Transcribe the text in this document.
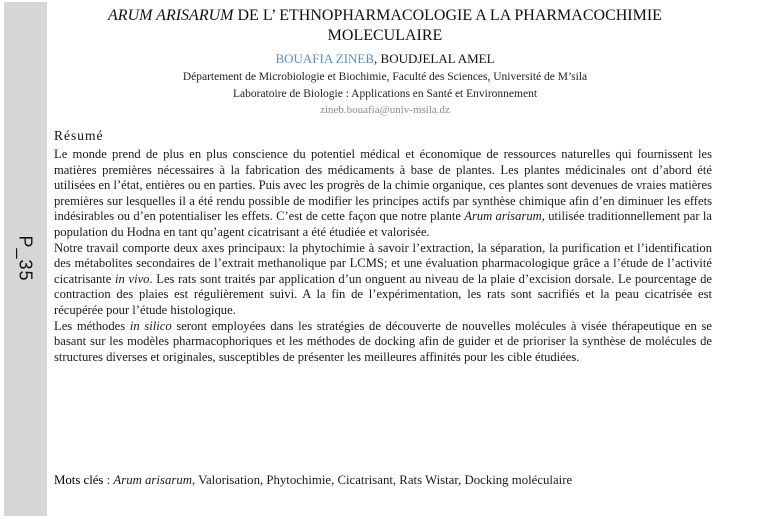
P_35
ARUM ARISARUM DE L’ ETHNOPHARMACOLOGIE A LA PHARMACOCHIMIE
MOLECULAIRE
BOUAFIA ZINEB, BOUDJELAL AMEL
Département de Microbiologie et Biochimie, Faculté des Sciences, Université de M’sila
Laboratoire de Biologie : Applications en Santé et Environnement
zineb.bouafia@univ-msila.dz
Résumé

Le monde prend de plus en plus conscience du potentiel médical et économique de ressources naturelles qui fournissent les matières premières nécessaires à la fabrication des médicaments à base de plantes. Les plantes médicinales ont d’abord été utilisées en l’état, entières ou en parties. Puis avec les progrès de la chimie organique, ces plantes sont devenues de vraies matières premières sur lesquelles il a été rendu possible de modifier les principes actifs par synthèse chimique afin d’en diminuer les effets indésirables ou d’en potentialiser les effets. C’est de cette façon que notre plante Arum arisarum, utilisée traditionnellement par la population du Hodna en tant qu’agent cicatrisant a été étudiée et valorisée.

Notre travail comporte deux axes principaux: la phytochimie à savoir l’extraction, la séparation, la purification et l’identification des métabolites secondaires de l’extrait methanolique par LCMS; et une évaluation pharmacologique grâce a l’étude de l’activité cicatrisante in vivo. Les rats sont traités par application d’un onguent au niveau de la plaie d’excision dorsale. Le pourcentage de contraction des plaies est régulièrement suivi. A la fin de l’expérimentation, les rats sont sacrifiés et la peau cicatrisée est récupérée pour l’étude histologique.

Les méthodes in silico seront employées dans les stratégies de découverte de nouvelles molécules à visée thérapeutique en se basant sur les modèles pharmacophoriques et les méthodes de docking afin de guider et de prioriser la synthèse de molécules de structures diverses et originales, susceptibles de présenter les meilleures affinités pour les cible étudiées.

Mots clés : Arum arisarum, Valorisation, Phytochimie, Cicatrisant, Rats Wistar, Docking moléculaire
